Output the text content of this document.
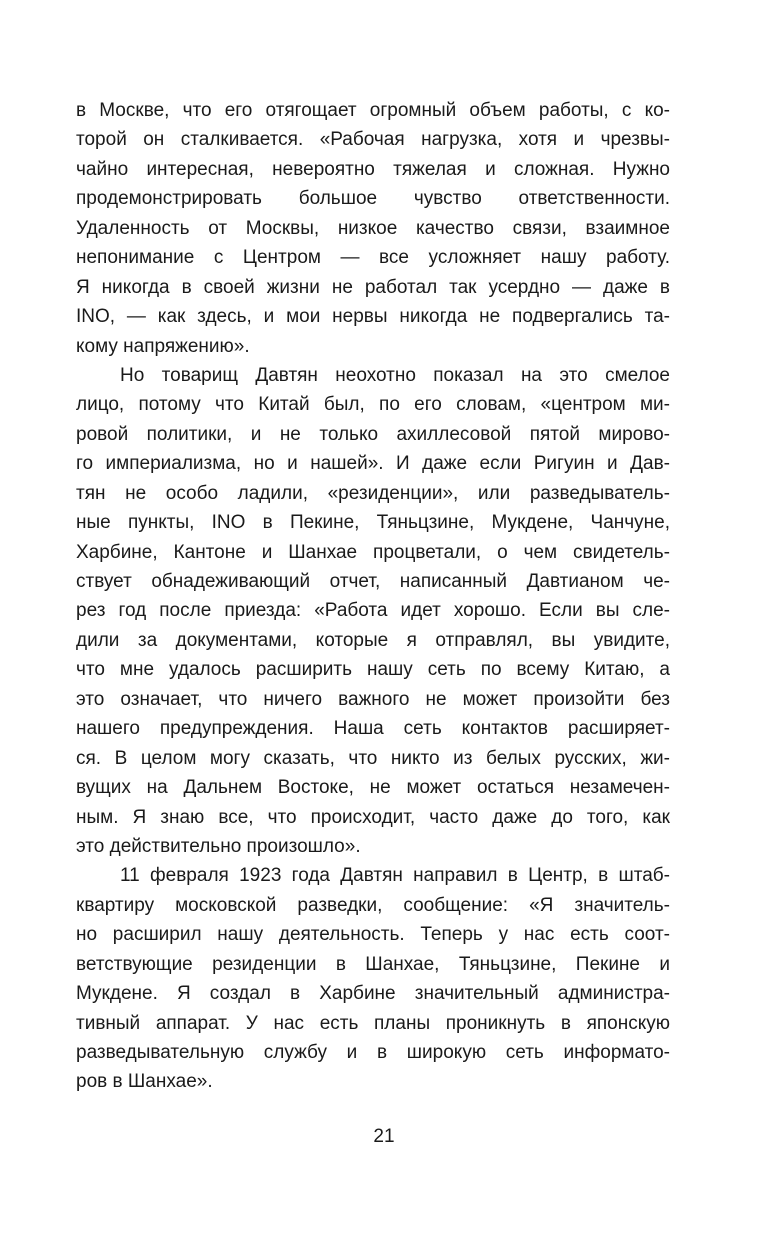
в Москве, что его отягощает огромный объем работы, с ко-
торой он сталкивается. «Рабочая нагрузка, хотя и чрезвы-
чайно интересная, невероятно тяжелая и сложная. Нужно
продемонстрировать большое чувство ответственности.
Удаленность от Москвы, низкое качество связи, взаимное
непонимание с Центром — все усложняет нашу работу.
Я никогда в своей жизни не работал так усердно — даже в
INO, — как здесь, и мои нервы никогда не подвергались та-
кому напряжению».
Но товарищ Давтян неохотно показал на это смелое
лицо, потому что Китай был, по его словам, «центром ми-
ровой политики, и не только ахиллесовой пятой мирово-
го империализма, но и нашей». И даже если Ригуин и Дав-
тян не особо ладили, «резиденции», или разведыватель-
ные пункты, INO в Пекине, Тяньцзине, Мукдене, Чанчуне,
Харбине, Кантоне и Шанхае процветали, о чем свидетель-
ствует обнадеживающий отчет, написанный Давтианом че-
рез год после приезда: «Работа идет хорошо. Если вы сле-
дили за документами, которые я отправлял, вы увидите,
что мне удалось расширить нашу сеть по всему Китаю, а
это означает, что ничего важного не может произойти без
нашего предупреждения. Наша сеть контактов расширяет-
ся. В целом могу сказать, что никто из белых русских, жи-
вущих на Дальнем Востоке, не может остаться незамечен-
ным. Я знаю все, что происходит, часто даже до того, как
это действительно произошло».
11 февраля 1923 года Давтян направил в Центр, в штаб-
квартиру московской разведки, сообщение: «Я значитель-
но расширил нашу деятельность. Теперь у нас есть соот-
ветствующие резиденции в Шанхае, Тяньцзине, Пекине и
Мукдене. Я создал в Харбине значительный администра-
тивный аппарат. У нас есть планы проникнуть в японскую
разведывательную службу и в широкую сеть информато-
ров в Шанхае».
21
